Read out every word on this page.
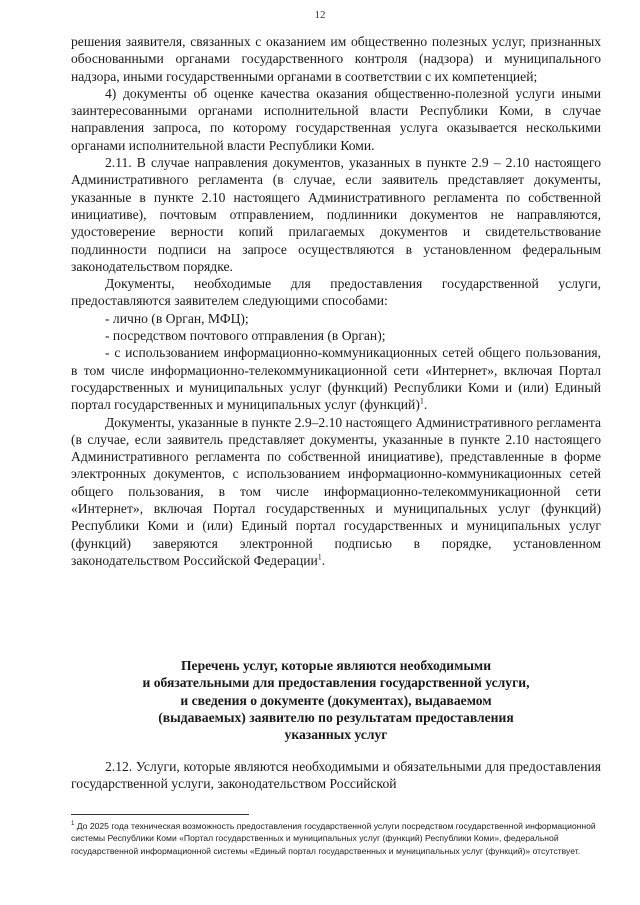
12

решения заявителя, связанных с оказанием им общественно полезных услуг, признанных обоснованными органами государственного контроля (надзора) и муниципального надзора, иными государственными органами в соответствии с их компетенцией;

4) документы об оценке качества оказания общественно-полезной услуги иными заинтересованными органами исполнительной власти Республики Коми, в случае направления запроса, по которому государственная услуга оказывается несколькими органами исполнительной власти Республики Коми.

2.11. В случае направления документов, указанных в пункте 2.9 – 2.10 настоящего Административного регламента (в случае, если заявитель представляет документы, указанные в пункте 2.10 настоящего Административного регламента по собственной инициативе), почтовым отправлением, подлинники документов не направляются, удостоверение верности копий прилагаемых документов и свидетельствование подлинности подписи на запросе осуществляются в установленном федеральным законодательством порядке.

Документы, необходимые для предоставления государственной услуги, предоставляются заявителем следующими способами:

- лично (в Орган, МФЦ);

- посредством почтового отправления (в Орган);

- с использованием информационно-коммуникационных сетей общего пользования, в том числе информационно-телекоммуникационной сети «Интернет», включая Портал государственных и муниципальных услуг (функций) Республики Коми и (или) Единый портал государственных и муниципальных услуг (функций)$^1$.

Документы, указанные в пункте 2.9–2.10 настоящего Административного регламента (в случае, если заявитель представляет документы, указанные в пункте 2.10 настоящего Административного регламента по собственной инициативе), представленные в форме электронных документов, с использованием информационно-коммуникационных сетей общего пользования, в том числе информационно-телекоммуникационной сети «Интернет», включая Портал государственных и муниципальных услуг (функций) Республики Коми и (или) Единый портал государственных и муниципальных услуг (функций) заверяются электронной подписью в порядке, установленном законодательством Российской Федерации$^1$.

Перечень услуг, которые являются необходимыми
и обязательными для предоставления государственной услуги,
и сведения о документе (документах), выдаваемом
(выдаваемых) заявителю по результатам предоставления
указанных услуг

2.12. Услуги, которые являются необходимыми и обязательными для предоставления государственной услуги, законодательством Российской

$^1$ До 2025 года техническая возможность предоставления государственной услуги посредством государственной информационной системы Республики Коми «Портал государственных и муниципальных услуг (функций) Республики Коми», федеральной государственной информационной системы «Единый портал государственных и муниципальных услуг (функций)» отсутствует.
